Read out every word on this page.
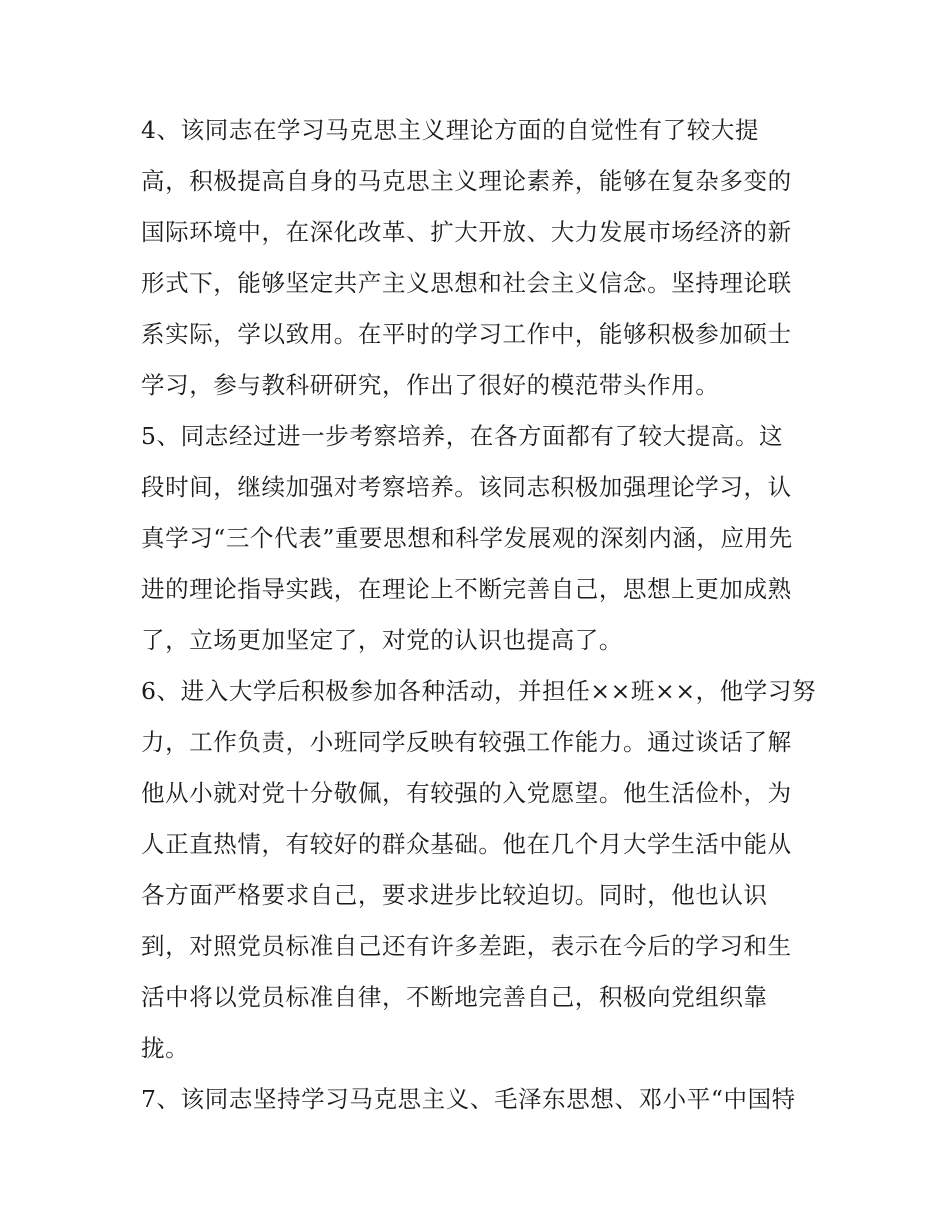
4、该同志在学习马克思主义理论方面的自觉性有了较大提
高，积极提高自身的马克思主义理论素养，能够在复杂多变的
国际环境中，在深化改革、扩大开放、大力发展市场经济的新
形式下，能够坚定共产主义思想和社会主义信念。坚持理论联
系实际，学以致用。在平时的学习工作中，能够积极参加硕士
学习，参与教科研研究，作出了很好的模范带头作用。
5、同志经过进一步考察培养，在各方面都有了较大提高。这
段时间，继续加强对考察培养。该同志积极加强理论学习，认
真学习“三个代表”重要思想和科学发展观的深刻内涵，应用先
进的理论指导实践，在理论上不断完善自己，思想上更加成熟
了，立场更加坚定了，对党的认识也提高了。
6、进入大学后积极参加各种活动，并担任××班××，他学习努
力，工作负责，小班同学反映有较强工作能力。通过谈话了解
他从小就对党十分敬佩，有较强的入党愿望。他生活俭朴，为
人正直热情，有较好的群众基础。他在几个月大学生活中能从
各方面严格要求自己，要求进步比较迫切。同时，他也认识
到，对照党员标准自己还有许多差距，表示在今后的学习和生
活中将以党员标准自律，不断地完善自己，积极向党组织靠
拢。
7、该同志坚持学习马克思主义、毛泽东思想、邓小平“中国特
